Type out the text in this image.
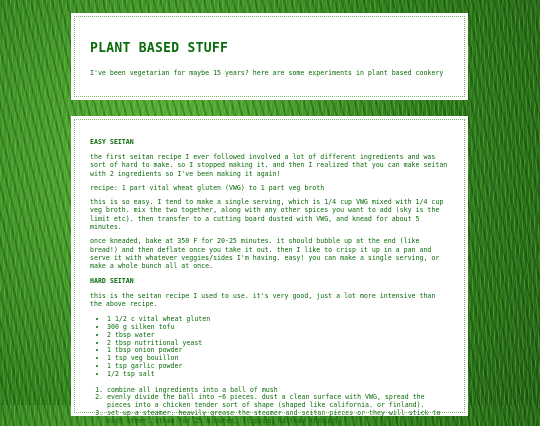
PLANT BASED STUFF

I've been vegetarian for maybe 15 years? here are some experiments in plant based cookery

EASY SEITAN

the first seitan recipe I ever followed involved a lot of different ingredients and was sort of hard to make. so I stopped making it. and then I realized that you can make seitan with 2 ingredients so I've been making it again!

recipe: 1 part vital wheat gluten (VWG) to 1 part veg broth

this is so easy. I tend to make a single serving, which is 1/4 cup VWG mixed with 1/4 cup veg broth. mix the two together, along with any other spices you want to add (sky is the limit etc). then transfer to a cutting board dusted with VWG, and knead for about 5 minutes.

once kneaded, bake at 350 F for 20-25 minutes. it should bubble up at the end (like bread!) and then deflate once you take it out. then I like to crisp it up in a pan and serve it with whatever veggies/sides I'm having. easy! you can make a single serving, or make a whole bunch all at once.

HARD SEITAN

this is the seitan recipe I used to use. it's very good, just a lot more intensive than the above recipe.

• 1 1/2 c vital wheat gluten
• 300 g silken tofu
• 2 tbsp water
• 2 tbsp nutritional yeast
• 1 tbsp onion powder
• 1 tsp veg bouillon
• 1 tsp garlic powder
• 1/2 tsp salt
1. combine all ingredients into a ball of mush
2. evenly divide the ball into ~6 pieces. dust a clean surface with VWG, spread the pieces into a chicken tender sort of shape (shaped like california. or finland).
3. set up a steamer. heavily grease the steamer and seitan pieces or they will stick to each other. steam for 25 minutes, flipping halfway through.
